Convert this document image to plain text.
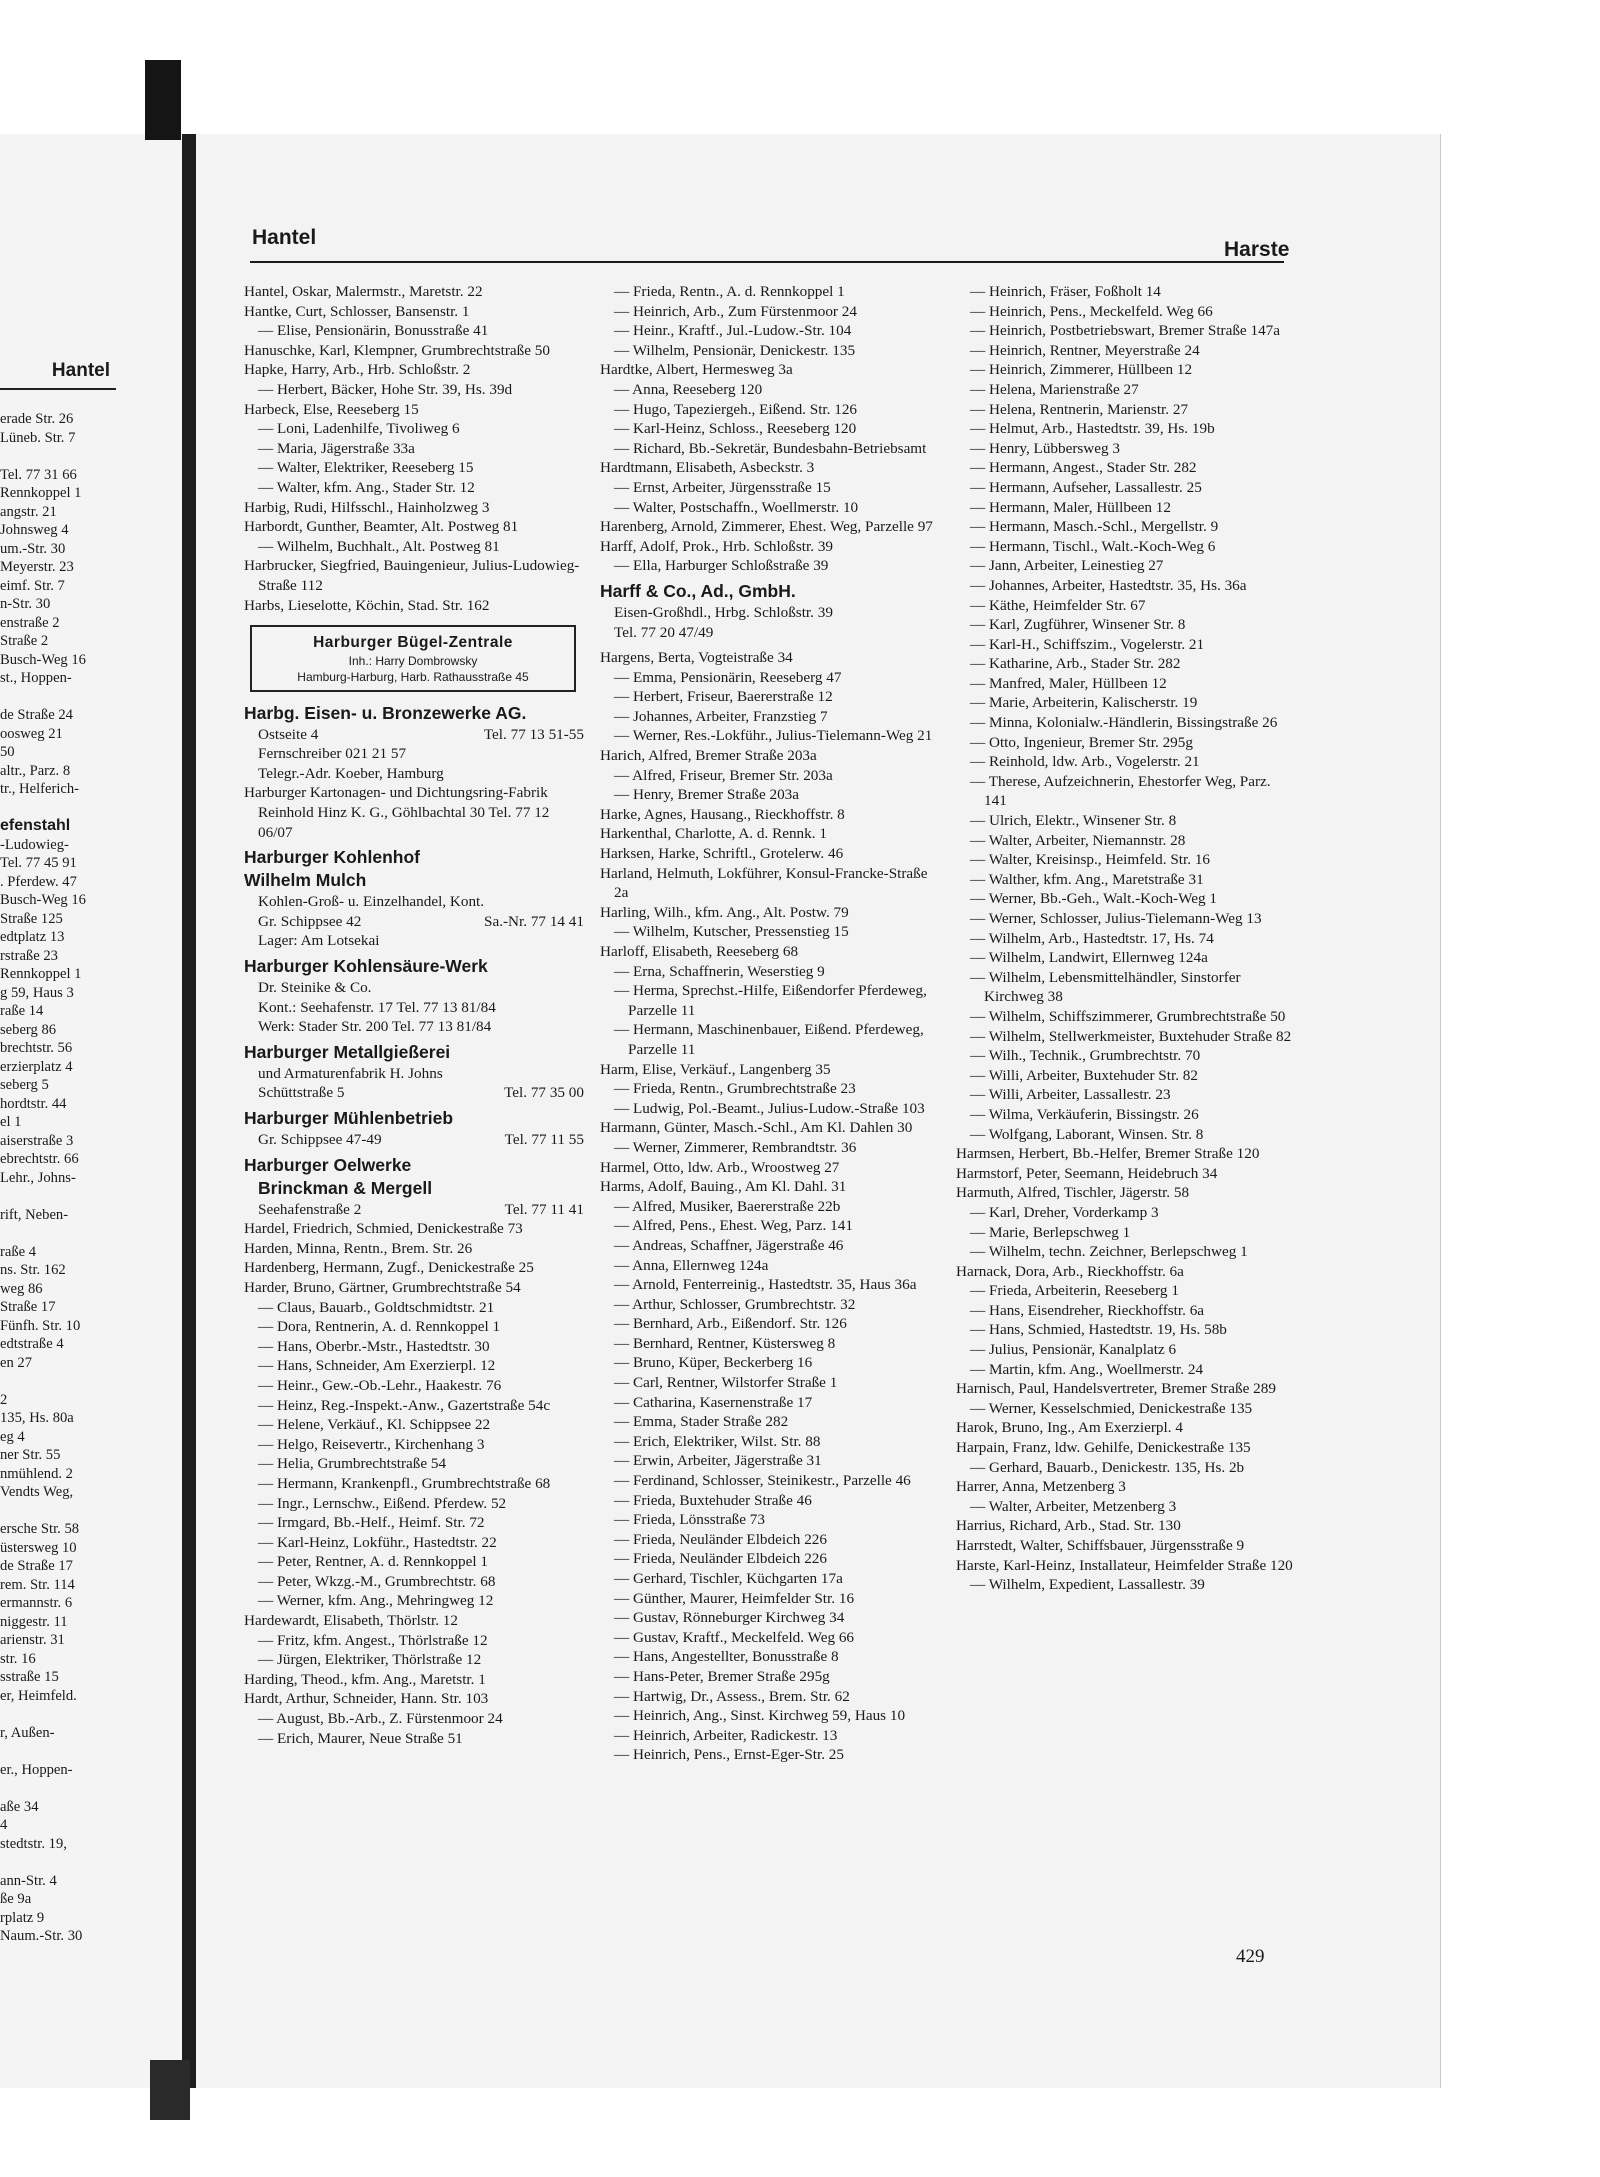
Hantel
erade Str. 26
Lüneb. Str. 7
Tel. 77 31 66
Rennkoppel 1
angstr. 21
Johnsweg 4
um.-Str. 30
Meyerstr. 23
eimf. Str. 7
n-Str. 30
enstraße 2
Straße 2
Busch-Weg 16
st., Hoppen-
de Straße 24
oosweg 21
50
altr., Parz. 8
tr., Helferich-
efenstahl
-Ludowieg-
Tel. 77 45 91
. Pferdew. 47
Busch-Weg 16
Straße 125
edtplatz 13
rstraße 23
Rennkoppel 1
g 59, Haus 3
raße 14
seberg 86
brechtstr. 56
erzierplatz 4
seberg 5
hordtstr. 44
el 1
aiserstraße 3
ebrechtstr. 66
Lehr., Johns-
rift, Neben-
raße 4
ns. Str. 162
weg 86
Straße 17
Fünfh. Str. 10
edtstraße 4
en 27
2
135, Hs. 80a
eg 4
ner Str. 55
nmühlend. 2
Vendts Weg,
ersche Str. 58
üstersweg 10
de Straße 17
rem. Str. 114
ermannstr. 6
niggestr. 11
arienstr. 31
str. 16
sstraße 15
er, Heimfeld.
r, Außen-
er., Hoppen-
aße 34
4
stedtstr. 19,
ann-Str. 4
ße 9a
rplatz 9
Naum.-Str. 30
Hantel
Harste
Hantel, Oskar, Malermstr., Maretstr. 22
Hantke, Curt, Schlosser, Bansenstr. 1
— Elise, Pensionärin, Bonusstraße 41
Hanuschke, Karl, Klempner, Grumbrechtstraße 50
Hapke, Harry, Arb., Hrb. Schloßstr. 2
— Herbert, Bäcker, Hohe Str. 39, Hs. 39d
Harbeck, Else, Reeseberg 15
— Loni, Ladenhilfe, Tivoliweg 6
— Maria, Jägerstraße 33a
— Walter, Elektriker, Reeseberg 15
— Walter, kfm. Ang., Stader Str. 12
Harbig, Rudi, Hilfsschl., Hainholzweg 3
Harbordt, Gunther, Beamter, Alt. Postweg 81
— Wilhelm, Buchhalt., Alt. Postweg 81
Harbrucker, Siegfried, Bauingenieur, Julius-Ludowieg-Straße 112
Harbs, Lieselotte, Köchin, Stad. Str. 162
Harburger Bügel-Zentrale
Inh.: Harry Dombrowsky
Hamburg-Harburg, Harb. Rathausstraße 45
Harbg. Eisen- u. Bronzewerke AG.
Ostseite 4	Tel. 77 13 51-55
Fernschreiber 021 21 57
Telegr.-Adr. Koeber, Hamburg
Harburger Kartonagen- und Dichtungsring-Fabrik Reinhold Hinz K. G., Göhlbachtal 30 Tel. 77 12 06/07
Harburger Kohlenhof
Wilhelm Mulch
Kohlen-Groß- u. Einzelhandel, Kont.
Gr. Schippsee 42	Sa.-Nr. 77 14 41
Lager: Am Lotsekai
Harburger Kohlensäure-Werk
Dr. Steinike & Co.
Kont.: Seehafenstr. 17 Tel. 77 13 81/84
Werk: Stader Str. 200 Tel. 77 13 81/84
Harburger Metallgießerei
und Armaturenfabrik H. Johns
Schüttstraße 5	Tel. 77 35 00
Harburger Mühlenbetrieb
Gr. Schippsee 47-49	Tel. 77 11 55
Harburger Oelwerke
Brinckman & Mergell
Seehafenstraße 2	Tel. 77 11 41
Hardel, Friedrich, Schmied, Denickestraße 73
Harden, Minna, Rentn., Brem. Str. 26
Hardenberg, Hermann, Zugf., Denickestraße 25
Harder, Bruno, Gärtner, Grumbrechtstraße 54
— Claus, Bauarb., Goldtschmidtstr. 21
— Dora, Rentnerin, A. d. Rennkoppel 1
— Hans, Oberbr.-Mstr., Hastedtstr. 30
— Hans, Schneider, Am Exerzierpl. 12
— Heinr., Gew.-Ob.-Lehr., Haakestr. 76
— Heinz, Reg.-Inspekt.-Anw., Gazertstraße 54c
— Helene, Verkäuf., Kl. Schippsee 22
— Helgo, Reisevertr., Kirchenhang 3
— Helia, Grumbrechtstraße 54
— Hermann, Krankenpfl., Grumbrechtstraße 68
— Ingr., Lernschw., Eißend. Pferdew. 52
— Irmgard, Bb.-Helf., Heimf. Str. 72
— Karl-Heinz, Lokführ., Hastedtstr. 22
— Peter, Rentner, A. d. Rennkoppel 1
— Peter, Wkzg.-M., Grumbrechtstr. 68
— Werner, kfm. Ang., Mehringweg 12
Hardewardt, Elisabeth, Thörlstr. 12
— Fritz, kfm. Angest., Thörlstraße 12
— Jürgen, Elektriker, Thörlstraße 12
Harding, Theod., kfm. Ang., Maretstr. 1
Hardt, Arthur, Schneider, Hann. Str. 103
— August, Bb.-Arb., Z. Fürstenmoor 24
— Erich, Maurer, Neue Straße 51
— Frieda, Rentn., A. d. Rennkoppel 1
— Heinrich, Arb., Zum Fürstenmoor 24
— Heinr., Kraftf., Jul.-Ludow.-Str. 104
— Wilhelm, Pensionär, Denickestr. 135
Hardtke, Albert, Hermesweg 3a
— Anna, Reeseberg 120
— Hugo, Tapeziergeh., Eißend. Str. 126
— Karl-Heinz, Schloss., Reeseberg 120
— Richard, Bb.-Sekretär, Bundesbahn-Betriebsamt
Hardtmann, Elisabeth, Asbeckstr. 3
— Ernst, Arbeiter, Jürgensstraße 15
— Walter, Postschaffn., Woellmerstr. 10
Harenberg, Arnold, Zimmerer, Ehest. Weg, Parzelle 97
Harff, Adolf, Prok., Hrb. Schloßstr. 39
— Ella, Harburger Schloßstraße 39
Harff & Co., Ad., GmbH.
Eisen-Großhdl., Hrbg. Schloßstr. 39
Tel. 77 20 47/49
Hargens, Berta, Vogteistraße 34
— Emma, Pensionärin, Reeseberg 47
— Herbert, Friseur, Baererstraße 12
— Johannes, Arbeiter, Franzstieg 7
— Werner, Res.-Lokführ., Julius-Tielemann-Weg 21
Harich, Alfred, Bremer Straße 203a
— Alfred, Friseur, Bremer Str. 203a
— Henry, Bremer Straße 203a
Harke, Agnes, Hausang., Rieckhoffstr. 8
Harkenthal, Charlotte, A. d. Rennk. 1
Harksen, Harke, Schriftl., Grotelerw. 46
Harland, Helmuth, Lokführer, Konsul-Francke-Straße 2a
Harling, Wilh., kfm. Ang., Alt. Postw. 79
— Wilhelm, Kutscher, Pressenstieg 15
Harloff, Elisabeth, Reeseberg 68
— Erna, Schaffnerin, Weserstieg 9
— Herma, Sprechst.-Hilfe, Eißendorfer Pferdeweg, Parzelle 11
— Hermann, Maschinenbauer, Eißend. Pferdeweg, Parzelle 11
Harm, Elise, Verkäuf., Langenberg 35
— Frieda, Rentn., Grumbrechtstraße 23
— Ludwig, Pol.-Beamt., Julius-Ludow.-Straße 103
Harmann, Günter, Masch.-Schl., Am Kl. Dahlen 30
— Werner, Zimmerer, Rembrandtstr. 36
Harmel, Otto, ldw. Arb., Wroostweg 27
Harms, Adolf, Bauing., Am Kl. Dahl. 31
— Alfred, Musiker, Baererstraße 22b
— Alfred, Pens., Ehest. Weg, Parz. 141
— Andreas, Schaffner, Jägerstraße 46
— Anna, Ellernweg 124a
— Arnold, Fenterreinig., Hastedtstr. 35, Haus 36a
— Arthur, Schlosser, Grumbrechtstr. 32
— Bernhard, Arb., Eißendorf. Str. 126
— Bernhard, Rentner, Küstersweg 8
— Bruno, Küper, Beckerberg 16
— Carl, Rentner, Wilstorfer Straße 1
— Catharina, Kasernenstraße 17
— Emma, Stader Straße 282
— Erich, Elektriker, Wilst. Str. 88
— Erwin, Arbeiter, Jägerstraße 31
— Ferdinand, Schlosser, Steinikestr., Parzelle 46
— Frieda, Buxtehuder Straße 46
— Frieda, Lönsstraße 73
— Frieda, Neuländer Elbdeich 226
— Frieda, Neuländer Elbdeich 226
— Gerhard, Tischler, Küchgarten 17a
— Günther, Maurer, Heimfelder Str. 16
— Gustav, Rönneburger Kirchweg 34
— Gustav, Kraftf., Meckelfeld. Weg 66
— Hans, Angestellter, Bonusstraße 8
— Hans-Peter, Bremer Straße 295g
— Hartwig, Dr., Assess., Brem. Str. 62
— Heinrich, Ang., Sinst. Kirchweg 59, Haus 10
— Heinrich, Arbeiter, Radickestr. 13
— Heinrich, Pens., Ernst-Eger-Str. 25
— Heinrich, Fräser, Foßholt 14
— Heinrich, Pens., Meckelfeld. Weg 66
— Heinrich, Postbetriebswart, Bremer Straße 147a
— Heinrich, Rentner, Meyerstraße 24
— Heinrich, Zimmerer, Hüllbeen 12
— Helena, Marienstraße 27
— Helena, Rentnerin, Marienstr. 27
— Helmut, Arb., Hastedtstr. 39, Hs. 19b
— Henry, Lübbersweg 3
— Hermann, Angest., Stader Str. 282
— Hermann, Aufseher, Lassallestr. 25
— Hermann, Maler, Hüllbeen 12
— Hermann, Masch.-Schl., Mergellstr. 9
— Hermann, Tischl., Walt.-Koch-Weg 6
— Jann, Arbeiter, Leinestieg 27
— Johannes, Arbeiter, Hastedtstr. 35, Hs. 36a
— Käthe, Heimfelder Str. 67
— Karl, Zugführer, Winsener Str. 8
— Karl-H., Schiffszim., Vogelerstr. 21
— Katharine, Arb., Stader Str. 282
— Manfred, Maler, Hüllbeen 12
— Marie, Arbeiterin, Kalischerstr. 19
— Minna, Kolonialw.-Händlerin, Bissingstraße 26
— Otto, Ingenieur, Bremer Str. 295g
— Reinhold, ldw. Arb., Vogelerstr. 21
— Therese, Aufzeichnerin, Ehestorfer Weg, Parz. 141
— Ulrich, Elektr., Winsener Str. 8
— Walter, Arbeiter, Niemannstr. 28
— Walter, Kreisinsp., Heimfeld. Str. 16
— Walther, kfm. Ang., Maretstraße 31
— Werner, Bb.-Geh., Walt.-Koch-Weg 1
— Werner, Schlosser, Julius-Tielemann-Weg 13
— Wilhelm, Arb., Hastedtstr. 17, Hs. 74
— Wilhelm, Landwirt, Ellernweg 124a
— Wilhelm, Lebensmittelhändler, Sinstorfer Kirchweg 38
— Wilhelm, Schiffszimmerer, Grumbrechtstraße 50
— Wilhelm, Stellwerkmeister, Buxtehuder Straße 82
— Wilh., Technik., Grumbrechtstr. 70
— Willi, Arbeiter, Buxtehuder Str. 82
— Willi, Arbeiter, Lassallestr. 23
— Wilma, Verkäuferin, Bissingstr. 26
— Wolfgang, Laborant, Winsen. Str. 8
Harmsen, Herbert, Bb.-Helfer, Bremer Straße 120
Harmstorf, Peter, Seemann, Heidebruch 34
Harmuth, Alfred, Tischler, Jägerstr. 58
— Karl, Dreher, Vorderkamp 3
— Marie, Berlepschweg 1
— Wilhelm, techn. Zeichner, Berlepschweg 1
Harnack, Dora, Arb., Rieckhoffstr. 6a
— Frieda, Arbeiterin, Reeseberg 1
— Hans, Eisendreher, Rieckhoffstr. 6a
— Hans, Schmied, Hastedtstr. 19, Hs. 58b
— Julius, Pensionär, Kanalplatz 6
— Martin, kfm. Ang., Woellmerstr. 24
Harnisch, Paul, Handelsvertreter, Bremer Straße 289
— Werner, Kesselschmied, Denickestraße 135
Harok, Bruno, Ing., Am Exerzierpl. 4
Harpain, Franz, ldw. Gehilfe, Denickestraße 135
— Gerhard, Bauarb., Denickestr. 135, Hs. 2b
Harrer, Anna, Metzenberg 3
— Walter, Arbeiter, Metzenberg 3
Harrius, Richard, Arb., Stad. Str. 130
Harrstedt, Walter, Schiffsbauer, Jürgensstraße 9
Harste, Karl-Heinz, Installateur, Heimfelder Straße 120
— Wilhelm, Expedient, Lassallestr. 39
429
